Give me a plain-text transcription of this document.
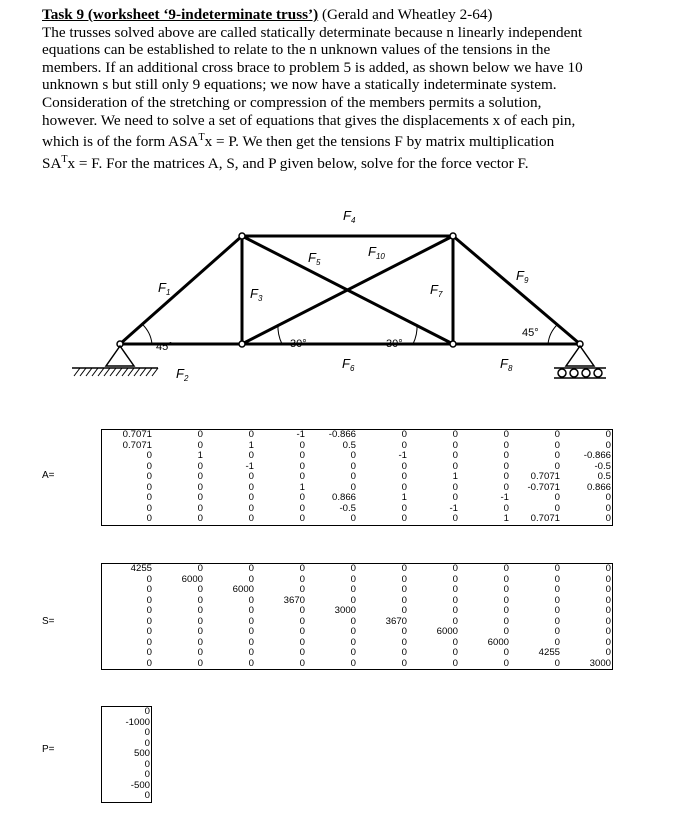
Task 9 (worksheet ‘9-indeterminate truss’) (Gerald and Wheatley 2-64)
The trusses solved above are called statically determinate because n linearly independent
equations can be established to relate to the n unknown values of the tensions in the
members. If an additional cross brace to problem 5 is added, as shown below we have 10
unknown s but still only 9 equations; we now have a statically indeterminate system.
Consideration of the stretching or compression of the members permits a solution,
however. We need to solve a set of equations that gives the displacements x of each pin,
which is of the form $ASA^Tx = P$. We then get the tensions F by matrix multiplication
$SA^Tx = F$. For the matrices A, S, and P given below, solve for the force vector F.
$F_1$
$F_2$
$F_3$
$F_4$
$F_5$
$F_6$
$F_7$
$F_8$
$F_9$
$F_{10}$
45°	30°	30°
45°
A=
S=
P=
0.7071	0	0	-1	-0.866	0	0	0	0	0
0.7071	0	1	0	0.5	0	0	0	0	0
0	1	0	0	0	-1	0	0	0	-0.866
0	0	-1	0	0	0	0	0	0	-0.5
0	0	0	0	0	0	1	0	0.7071	0.5
0	0	0	1	0	0	0	0	-0.7071	0.866
0	0	0	0	0.866	1	0	-1	0	0
0	0	0	0	-0.5	0	-1	0	0	0
0	0	0	0	0	0	0	1	0.7071	0
4255	0	0	0	0	0	0	0	0	0
0	6000	0	0	0	0	0	0	0	0
0	0	6000	0	0	0	0	0	0	0
0	0	0	3670	0	0	0	0	0	0
0	0	0	0	3000	0	0	0	0	0
0	0	0	0	0	3670	0	0	0	0
0	0	0	0	0	0	6000	0	0	0
0	0	0	0	0	0	0	6000	0	0
0	0	0	0	0	0	0	0	4255	0
0	0	0	0	0	0	0	0	0	3000
0
-1000
0
0
500
0
0
-500
0
